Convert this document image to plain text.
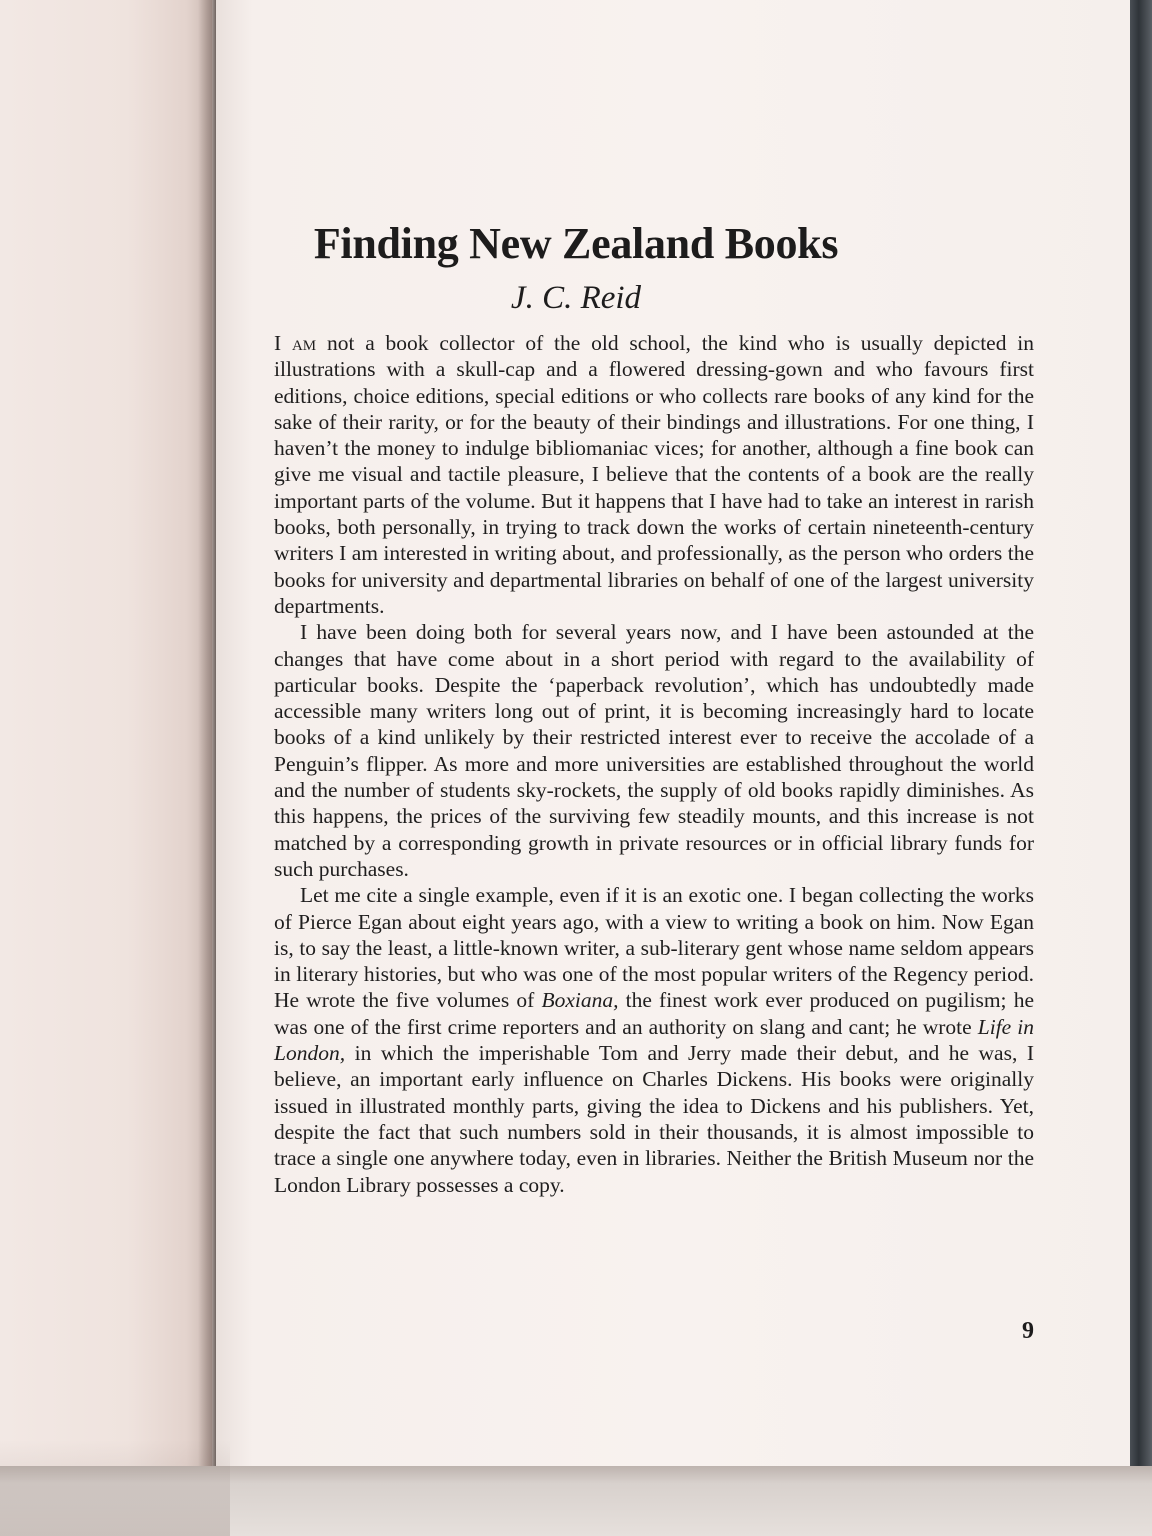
Finding New Zealand Books
J. C. Reid

I am not a book collector of the old school, the kind who is usually depicted in illustrations with a skull-cap and a flowered dressing-gown and who favours first editions, choice editions, special editions or who collects rare books of any kind for the sake of their rarity, or for the beauty of their bindings and illustrations. For one thing, I haven’t the money to indulge bibliomaniac vices; for another, although a fine book can give me visual and tactile pleasure, I believe that the contents of a book are the really important parts of the volume. But it happens that I have had to take an interest in rarish books, both personally, in trying to track down the works of certain nineteenth-century writers I am interested in writing about, and professionally, as the person who orders the books for university and departmental libraries on behalf of one of the largest university departments.

I have been doing both for several years now, and I have been astounded at the changes that have come about in a short period with regard to the availability of particular books. Despite the ‘paperback revolution’, which has undoubtedly made accessible many writers long out of print, it is becoming increasingly hard to locate books of a kind unlikely by their restricted interest ever to receive the accolade of a Penguin’s flipper. As more and more universities are established throughout the world and the number of students sky-rockets, the supply of old books rapidly diminishes. As this happens, the prices of the surviving few steadily mounts, and this increase is not matched by a corresponding growth in private resources or in official library funds for such purchases.

Let me cite a single example, even if it is an exotic one. I began collecting the works of Pierce Egan about eight years ago, with a view to writing a book on him. Now Egan is, to say the least, a little-known writer, a sub-literary gent whose name seldom appears in literary histories, but who was one of the most popular writers of the Regency period. He wrote the five volumes of Boxiana, the finest work ever produced on pugilism; he was one of the first crime reporters and an authority on slang and cant; he wrote Life in London, in which the imperishable Tom and Jerry made their debut, and he was, I believe, an important early influence on Charles Dickens. His books were originally issued in illustrated monthly parts, giving the idea to Dickens and his publishers. Yet, despite the fact that such numbers sold in their thousands, it is almost impossible to trace a single one anywhere today, even in libraries. Neither the British Museum nor the London Library possesses a copy.

9
